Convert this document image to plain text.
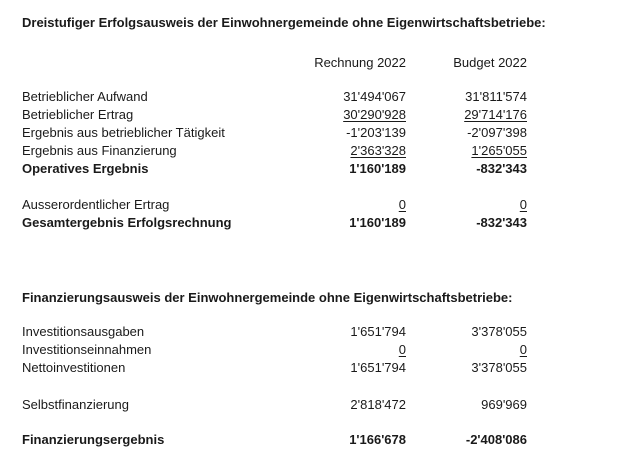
Dreistufiger Erfolgsausweis der Einwohnergemeinde ohne Eigenwirtschaftsbetriebe:
Rechnung 2022	Budget 2022
Betrieblicher Aufwand	31'494'067	31'811'574
Betrieblicher Ertrag	30'290'928	29'714'176
Ergebnis aus betrieblicher Tätigkeit	-1'203'139	-2'097'398
Ergebnis aus Finanzierung	2'363'328	1'265'055
Operatives Ergebnis	1'160'189	-832'343
Ausserordentlicher Ertrag	0	0
Gesamtergebnis Erfolgsrechnung	1'160'189	-832'343
Finanzierungsausweis der Einwohnergemeinde ohne Eigenwirtschaftsbetriebe:
Investitionsausgaben	1'651'794	3'378'055
Investitionseinnahmen	0	0
Nettoinvestitionen	1'651'794	3'378'055
Selbstfinanzierung	2'818'472	969'969
Finanzierungsergebnis	1'166'678	-2'408'086
